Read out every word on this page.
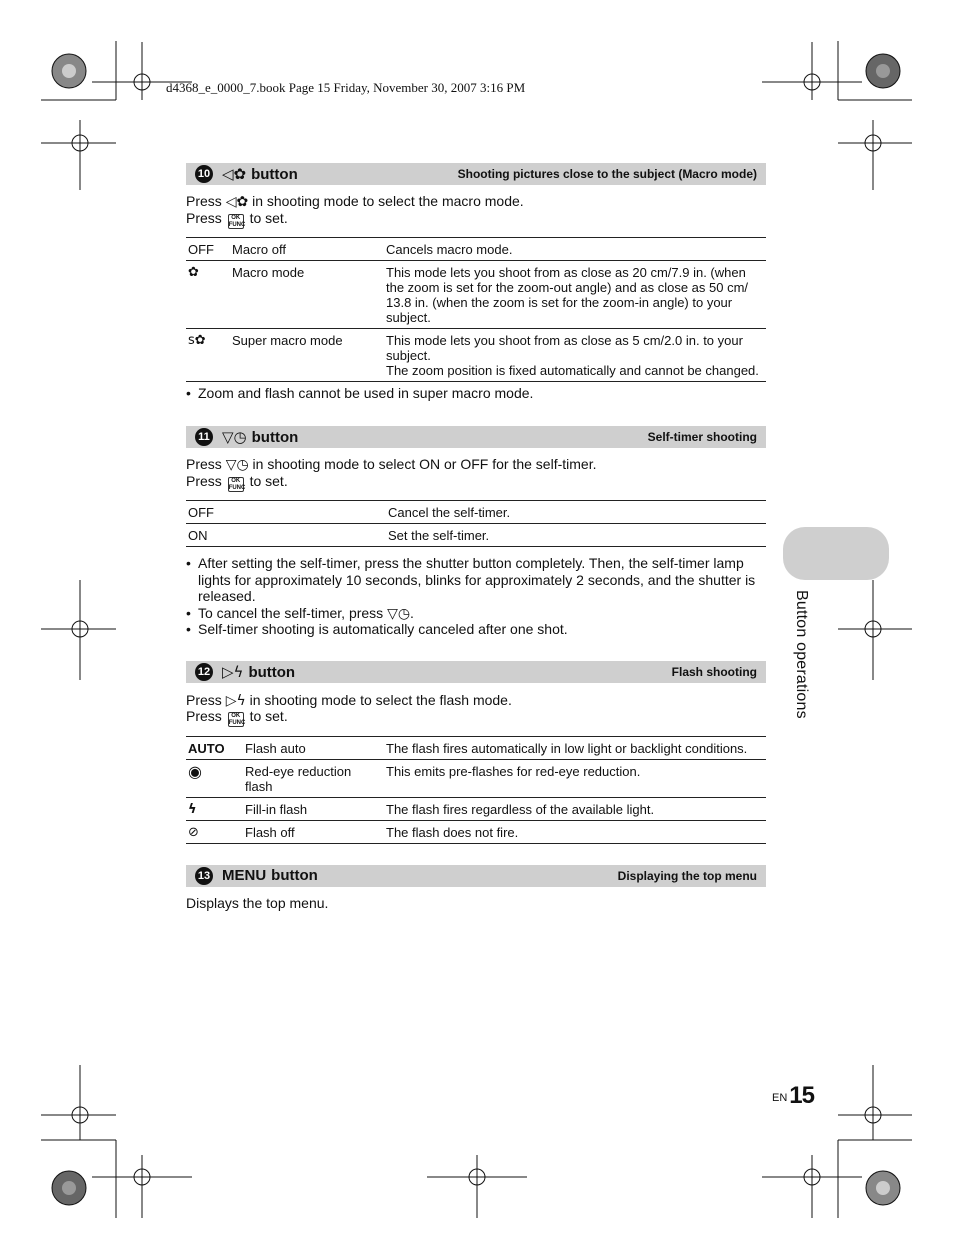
d4368_e_0000_7.book Page 15 Friday, November 30, 2007 3:16 PM
10 ◁✿ button	Shooting pictures close to the subject (Macro mode)
Press ◁✿ in shooting mode to select the macro mode.
Press OK
FUNC to set.
OFF	Macro off	Cancels macro mode.
✿	Macro mode	This mode lets you shoot from as close as 20 cm/7.9 in. (when the zoom is set for the zoom-out angle) and as close as 50 cm/ 13.8 in. (when the zoom is set for the zoom-in angle) to your subject.
s✿	Super macro mode	This mode lets you shoot from as close as 5 cm/2.0 in. to your subject.
The zoom position is fixed automatically and cannot be changed.
• Zoom and flash cannot be used in super macro mode.
11 ▽◷ button	Self-timer shooting
Press ▽◷ in shooting mode to select ON or OFF for the self-timer.
Press OK
FUNC to set.
OFF	Cancel the self-timer.
ON	Set the self-timer.
• After setting the self-timer, press the shutter button completely. Then, the self-timer lamp lights for approximately 10 seconds, blinks for approximately 2 seconds, and the shutter is released.
• To cancel the self-timer, press ▽◷.
• Self-timer shooting is automatically canceled after one shot.
12 ▷ϟ button	Flash shooting
Press ▷ϟ in shooting mode to select the flash mode.
Press OK
FUNC to set.
AUTO	Flash auto	The flash fires automatically in low light or backlight conditions.
◉	Red-eye reduction flash	This emits pre-flashes for red-eye reduction.
ϟ	Fill-in flash	The flash fires regardless of the available light.
⊘	Flash off	The flash does not fire.
13 MENU button	Displaying the top menu
Displays the top menu.
Button operations
EN15
